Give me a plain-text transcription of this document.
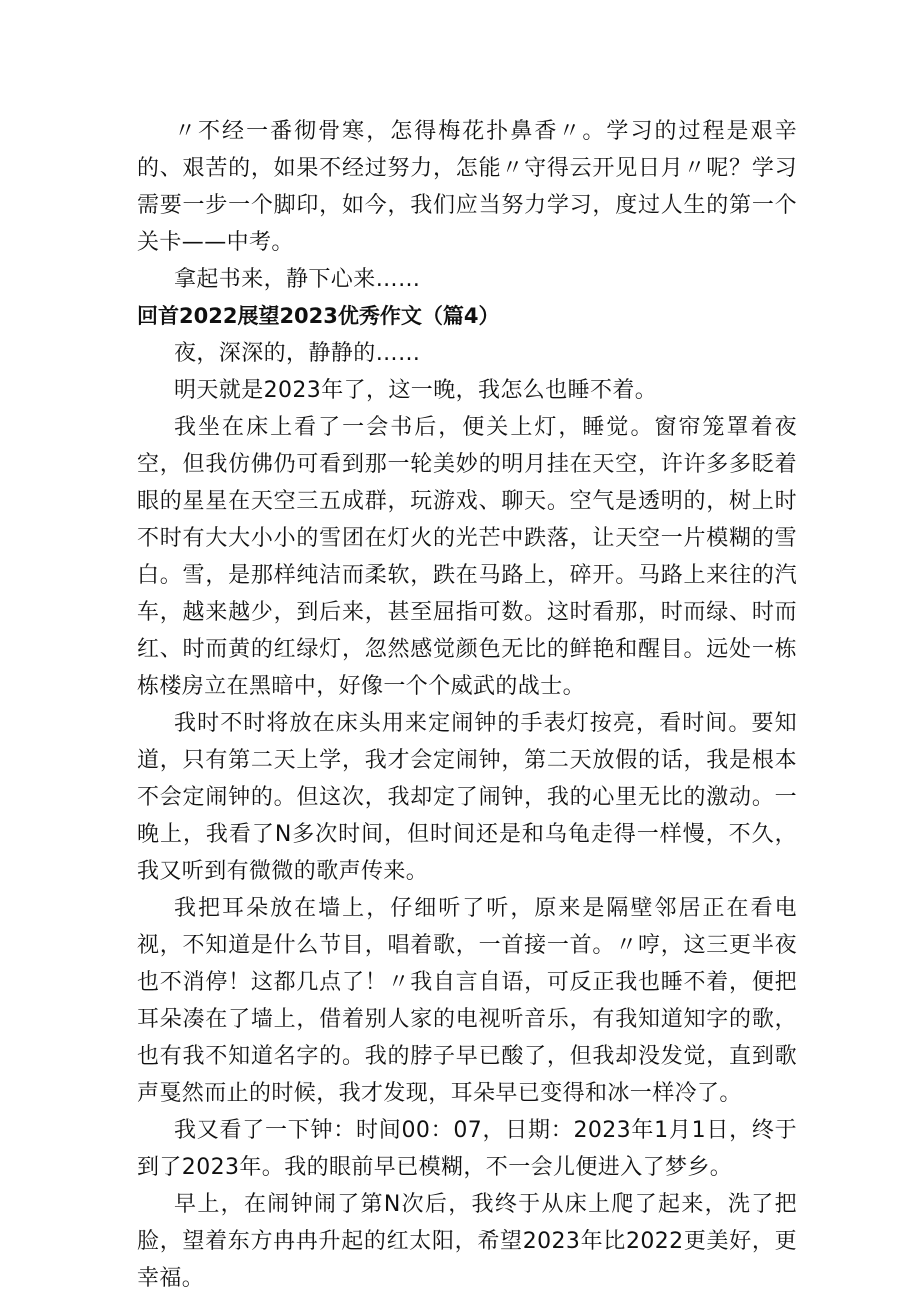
〃不经一番彻骨寒，怎得梅花扑鼻香〃。学习的过程是艰辛的、艰苦的，如果不经过努力，怎能〃守得云开见日月〃呢？学习需要一步一个脚印，如今，我们应当努力学习，度过人生的第一个关卡——中考。

拿起书来，静下心来……

回首2022展望2023优秀作文（篇4）

夜，深深的，静静的……

明天就是2023年了，这一晚，我怎么也睡不着。

我坐在床上看了一会书后，便关上灯，睡觉。窗帘笼罩着夜空，但我仿佛仍可看到那一轮美妙的明月挂在天空，许许多多眨着眼的星星在天空三五成群，玩游戏、聊天。空气是透明的，树上时不时有大大小小的雪团在灯火的光芒中跌落，让天空一片模糊的雪白。雪，是那样纯洁而柔软，跌在马路上，碎开。马路上来往的汽车，越来越少，到后来，甚至屈指可数。这时看那，时而绿、时而红、时而黄的红绿灯，忽然感觉颜色无比的鲜艳和醒目。远处一栋栋楼房立在黑暗中，好像一个个威武的战士。

我时不时将放在床头用来定闹钟的手表灯按亮，看时间。要知道，只有第二天上学，我才会定闹钟，第二天放假的话，我是根本不会定闹钟的。但这次，我却定了闹钟，我的心里无比的激动。一晚上，我看了N多次时间，但时间还是和乌龟走得一样慢，不久，我又听到有微微的歌声传来。

我把耳朵放在墙上，仔细听了听，原来是隔壁邻居正在看电视，不知道是什么节目，唱着歌，一首接一首。〃哼，这三更半夜也不消停！这都几点了！〃我自言自语，可反正我也睡不着，便把耳朵凑在了墙上，借着别人家的电视听音乐，有我知道知字的歌，也有我不知道名字的。我的脖子早已酸了，但我却没发觉，直到歌声戛然而止的时候，我才发现，耳朵早已变得和冰一样冷了。

我又看了一下钟：时间00：07，日期：2023年1月1日，终于到了2023年。我的眼前早已模糊，不一会儿便进入了梦乡。

早上，在闹钟闹了第N次后，我终于从床上爬了起来，洗了把脸，望着东方冉冉升起的红太阳，希望2023年比2022更美好，更幸福。
